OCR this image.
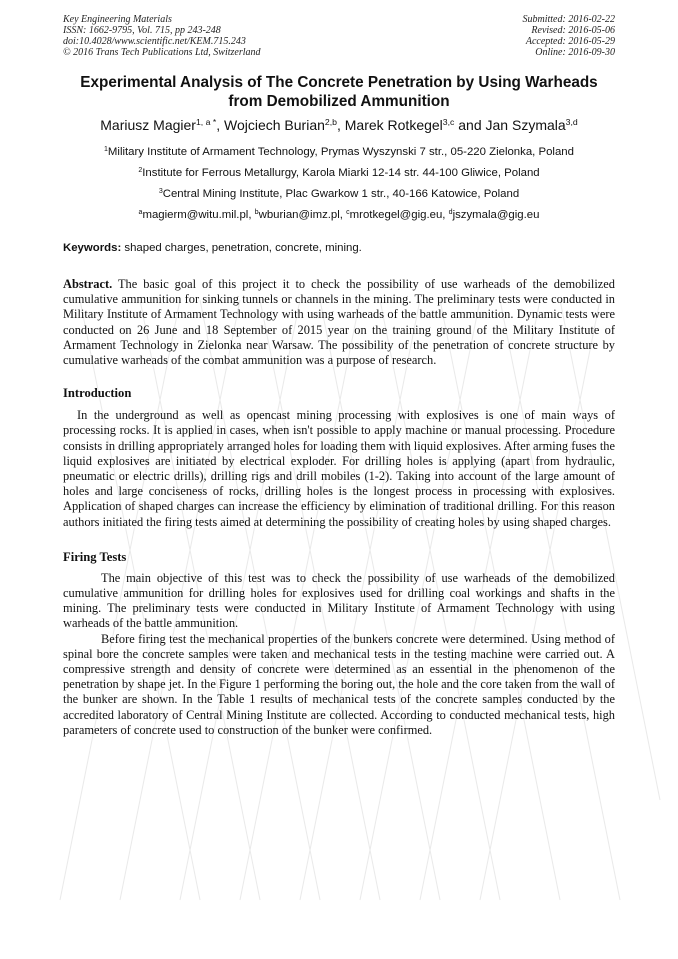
Key Engineering Materials
ISSN: 1662-9795, Vol. 715, pp 243-248
doi:10.4028/www.scientific.net/KEM.715.243
© 2016 Trans Tech Publications Ltd, Switzerland
Submitted: 2016-02-22
Revised: 2016-05-06
Accepted: 2016-05-29
Online: 2016-09-30
Experimental Analysis of The Concrete Penetration by Using Warheads from Demobilized Ammunition
Mariusz Magier$^{1, a *}$, Wojciech Burian$^{2,b}$, Marek Rotkegel$^{3,c}$ and Jan Szymala$^{3,d}$
$^1$Military Institute of Armament Technology, Prymas Wyszynski 7 str., 05-220 Zielonka, Poland
$^2$Institute for Ferrous Metallurgy, Karola Miarki 12-14 str. 44-100 Gliwice, Poland
$^3$Central Mining Institute, Plac Gwarkow 1 str., 40-166 Katowice, Poland
$^a$magierm@witu.mil.pl, $^b$wburian@imz.pl, $^c$mrotkegel@gig.eu, $^d$jszymala@gig.eu
Keywords: shaped charges, penetration, concrete, mining.

Abstract. The basic goal of this project it to check the possibility of use warheads of the demobilized cumulative ammunition for sinking tunnels or channels in the mining. The preliminary tests were conducted in Military Institute of Armament Technology with using warheads of the battle ammunition. Dynamic tests were conducted on 26 June and 18 September of 2015 year on the training ground of the Military Institute of Armament Technology in Zielonka near Warsaw. The possibility of the penetration of concrete structure by cumulative warheads of the combat ammunition was a purpose of research.

Introduction

In the underground as well as opencast mining processing with explosives is one of main ways of processing rocks. It is applied in cases, when isn't possible to apply machine or manual processing. Procedure consists in drilling appropriately arranged holes for loading them with liquid explosives. After arming fuses the liquid explosives are initiated by electrical exploder. For drilling holes is applying (apart from hydraulic, pneumatic or electric drills), drilling rigs and drill mobiles (1-2). Taking into account of the large amount of holes and large conciseness of rocks, drilling holes is the longest process in processing with explosives. Application of shaped charges can increase the efficiency by elimination of traditional drilling. For this reason authors initiated the firing tests aimed at determining the possibility of creating holes by using shaped charges.

Firing Tests

The main objective of this test was to check the possibility of use warheads of the demobilized cumulative ammunition for drilling holes for explosives used for drilling coal workings and shafts in the mining. The preliminary tests were conducted in Military Institute of Armament Technology with using warheads of the battle ammunition.

Before firing test the mechanical properties of the bunkers concrete were determined. Using method of spinal bore the concrete samples were taken and mechanical tests in the testing machine were carried out. A compressive strength and density of concrete were determined as an essential in the phenomenon of the penetration by shape jet. In the Figure 1 performing the boring out, the hole and the core taken from the wall of the bunker are shown. In the Table 1 results of mechanical tests of the concrete samples conducted by the accredited laboratory of Central Mining Institute are collected. According to conducted mechanical tests, high parameters of concrete used to construction of the bunker were confirmed.
